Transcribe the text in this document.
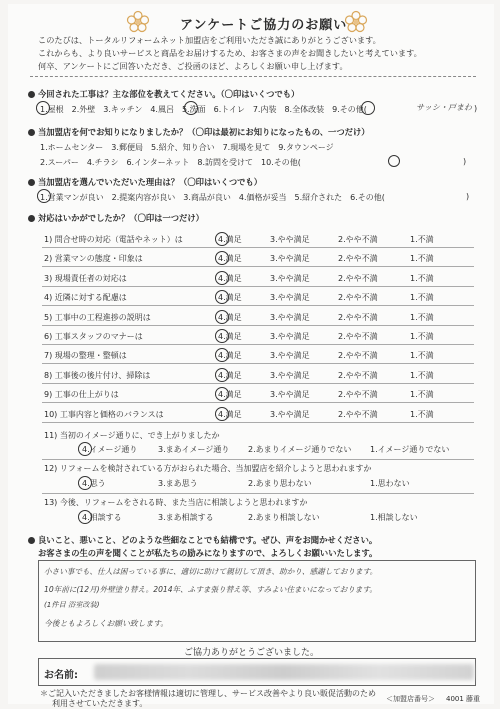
アンケートご協力のお願い
このたびは、トータルリフォームネット加盟店をご利用いただき誠にありがとうございます。
これからも、より良いサービスと商品をお届けするため、お客さまの声をお聞きしたいと考えています。
何卒、アンケートにご回答いただき、ご投函のほど、よろしくお願い申し上げます。
今回された工事は？主な部位を教えてください。（〇印はいくつでも）
1.屋根　2.外壁　3.キッチン　4.風呂　5.洗面　6.トイレ　7.内装　8.全体改装　9.その他(	サッシ・戸まわ )
当加盟店を何でお知りになりましたか？（〇印は最初にお知りになったもの、一つだけ）
1.ホームセンター　3.郵便局　5.紹介、知り合い　7.現場を見て　9.タウンページ
2.スーパー　4.チラシ　6.インターネット　8.訪問を受けて　10.その他(	)
当加盟店を選んでいただいた理由は？（〇印はいくつでも）
1.営業マンが良い　2.提案内容が良い　3.商品が良い　4.価格が妥当　5.紹介された　6.その他(	)
対応はいかがでしたか？（〇印は一つだけ）
1) 問合せ時の対応（電話やネット）は	4.満足	3.やや満足	2.やや不満	1.不満
2) 営業マンの態度・印象は	4.満足	3.やや満足	2.やや不満	1.不満
3) 現場責任者の対応は	4.満足	3.やや満足	2.やや不満	1.不満
4) 近隣に対する配慮は	4.満足	3.やや満足	2.やや不満	1.不満
5) 工事中の工程進捗の説明は	4.満足	3.やや満足	2.やや不満	1.不満
6) 工事スタッフのマナーは	4.満足	3.やや満足	2.やや不満	1.不満
7) 現場の整理・整頓は	4.満足	3.やや満足	2.やや不満	1.不満
8) 工事後の後片付け、掃除は	4.満足	3.やや満足	2.やや不満	1.不満
9) 工事の仕上がりは	4.満足	3.やや満足	2.やや不満	1.不満
10) 工事内容と価格のバランスは	4.満足	3.やや満足	2.やや不満	1.不満
11) 当初のイメージ通りに、でき上がりましたか
4.イメージ通り	3.まあイメージ通り 2.あまりイメージ通りでない 1.イメージ通りでない
12) リフォームを検討されている方がおられた場合、当加盟店を紹介しようと思われますか
4.思う	3.まあ思う	2.あまり思わない	1.思わない
13) 今後、リフォームをされる時、また当店に相談しようと思われますか
4.相談する	3.まあ相談する	2.あまり相談しない	1.相談しない
良いこと、悪いこと、どのような些細なことでも結構です。ぜひ、声をお聞かせください。
お客さまの生の声を聞くことが私たちの励みになりますので、よろしくお願いいたします。
小さい事でも、仕人は困っている事に、適切に助けて親切して頂き、助かり、感謝しております。
10年前に(12月)外壁塗り替え。2014年、ふすま張り替え等、すみよい住まいになっております。
(1件目 浴室改装)
今後ともよろしくお願い致します。
ご協力ありがとうございました。
お名前:
＊ご記入いただきましたお客様情報は適切に管理し、サービス改善やより良い販促活動のため
利用させていただきます。	＜加盟店番号＞ 4001 藤重
